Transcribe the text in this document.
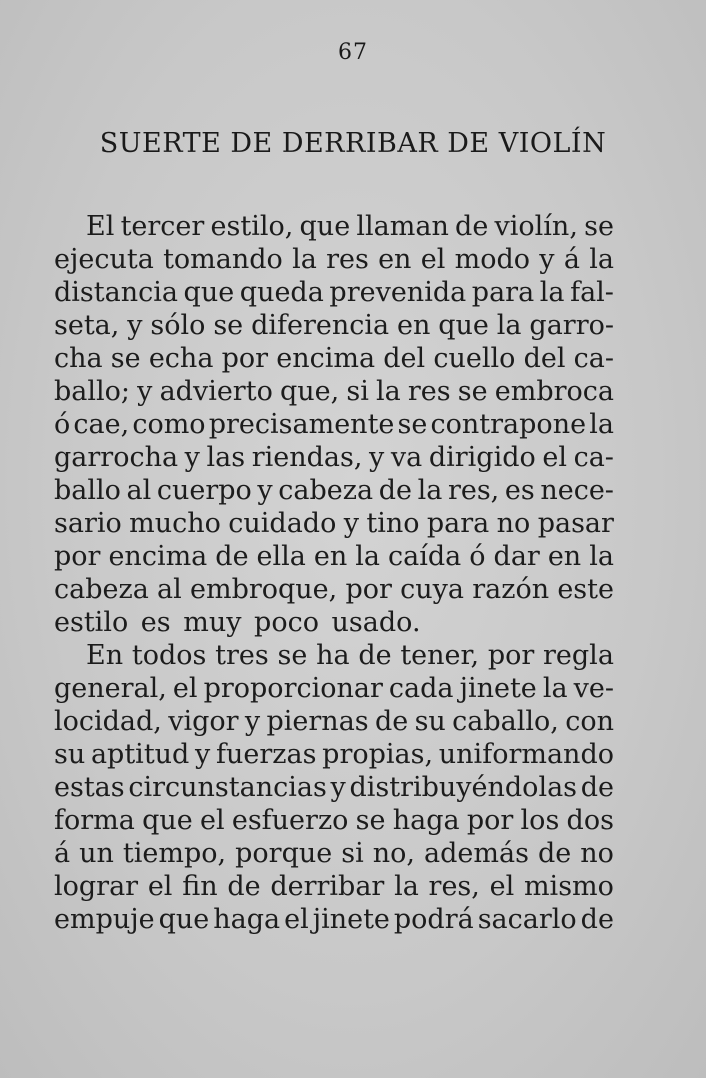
67
SUERTE DE DERRIBAR DE VIOLÍN
El tercer estilo, que llaman de violín, se
ejecuta tomando la res en el modo y á la
distancia que queda prevenida para la fal-
seta, y sólo se diferencia en que la garro-
cha se echa por encima del cuello del ca-
ballo; y advierto que, si la res se embroca
ó cae, como precisamente se contrapone la
garrocha y las riendas, y va dirigido el ca-
ballo al cuerpo y cabeza de la res, es nece-
sario mucho cuidado y tino para no pasar
por encima de ella en la caída ó dar en la
cabeza al embroque, por cuya razón este
estilo es muy poco usado.
En todos tres se ha de tener, por regla
general, el proporcionar cada jinete la ve-
locidad, vigor y piernas de su caballo, con
su aptitud y fuerzas propias, uniformando
estas circunstancias y distribuyéndolas de
forma que el esfuerzo se haga por los dos
á un tiempo, porque si no, además de no
lograr el fin de derribar la res, el mismo
empuje que haga el jinete podrá sacarlo de
